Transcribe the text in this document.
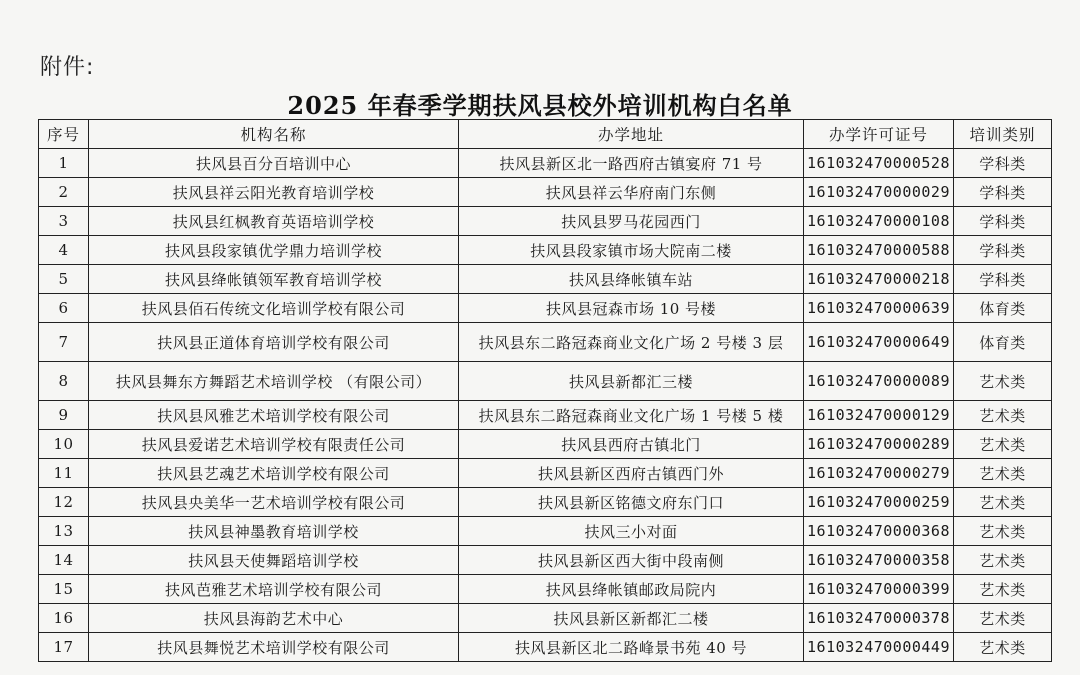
附件:
2025 年春季学期扶风县校外培训机构白名单
序号	机构名称	办学地址	办学许可证号	培训类别
1	扶风县百分百培训中心	扶风县新区北一路西府古镇宴府 71 号	161032470000528	学科类
2	扶风县祥云阳光教育培训学校	扶风县祥云华府南门东侧	161032470000029	学科类
3	扶风县红枫教育英语培训学校	扶风县罗马花园西门	161032470000108	学科类
4	扶风县段家镇优学鼎力培训学校	扶风县段家镇市场大院南二楼	161032470000588	学科类
5	扶风县绛帐镇领军教育培训学校	扶风县绛帐镇车站	161032470000218	学科类
6	扶风县佰石传统文化培训学校有限公司	扶风县冠森市场 10 号楼	161032470000639	体育类
7	扶风县正道体育培训学校有限公司	扶风县东二路冠森商业文化广场 2 号楼 3 层	161032470000649	体育类
8	扶风县舞东方舞蹈艺术培训学校 （有限公司）	扶风县新都汇三楼	161032470000089	艺术类
9	扶风县风雅艺术培训学校有限公司	扶风县东二路冠森商业文化广场 1 号楼 5 楼	161032470000129	艺术类
10	扶风县爱诺艺术培训学校有限责任公司	扶风县西府古镇北门	161032470000289	艺术类
11	扶风县艺魂艺术培训学校有限公司	扶风县新区西府古镇西门外	161032470000279	艺术类
12	扶风县央美华一艺术培训学校有限公司	扶风县新区铭德文府东门口	161032470000259	艺术类
13	扶风县神墨教育培训学校	扶风三小对面	161032470000368	艺术类
14	扶风县天使舞蹈培训学校	扶风县新区西大街中段南侧	161032470000358	艺术类
15	扶风芭雅艺术培训学校有限公司	扶风县绛帐镇邮政局院内	161032470000399	艺术类
16	扶风县海韵艺术中心	扶风县新区新都汇二楼	161032470000378	艺术类
17	扶风县舞悦艺术培训学校有限公司	扶风县新区北二路峰景书苑 40 号	161032470000449	艺术类
